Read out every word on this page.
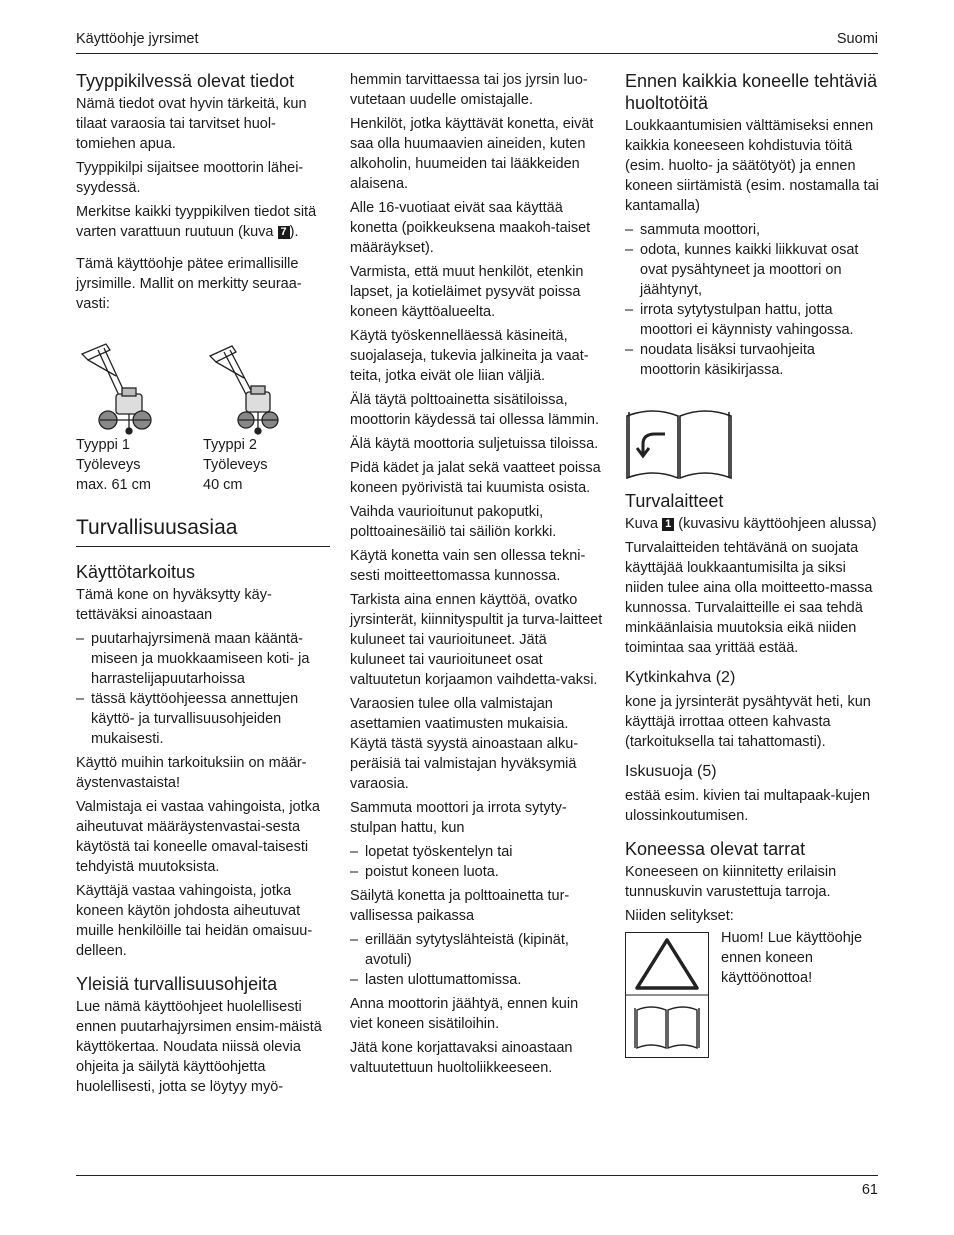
Käyttöohje jyrsimet	Suomi
Tyyppikilvessä olevat tiedot

Nämä tiedot ovat hyvin tärkeitä, kun tilaat varaosia tai tarvitset huol-tomiehen apua.

Tyyppikilpi sijaitsee moottorin lähei-syydessä.

Merkitse kaikki tyyppikilven tiedot sitä varten varattuun ruutuun (kuva 7 ).

Tämä käyttöohje pätee erimallisille jyrsimille. Mallit on merkitty seuraa-vasti:

Tyyppi 1
Työleveys
max. 61 cm
Tyyppi 2
Työleveys
40 cm
Turvallisuusasiaa
Käyttötarkoitus

Tämä kone on hyväksytty käy-tettäväksi ainoastaan

– puutarhajyrsimenä maan kääntä-miseen ja muokkaamiseen koti- ja harrastelijapuutarhoissa
– tässä käyttöohjeessa annettujen käyttö- ja turvallisuusohjeiden mukaisesti.

Käyttö muihin tarkoituksiin on määr-äystenvastaista!

Valmistaja ei vastaa vahingoista, jotka aiheutuvat määräystenvastai-sesta käytöstä tai koneelle omaval-taisesti tehdyistä muutoksista.

Käyttäjä vastaa vahingoista, jotka koneen käytön johdosta aiheutuvat muille henkilöille tai heidän omaisuu-delleen.

Yleisiä turvallisuusohjeita

Lue nämä käyttöohjeet huolellisesti ennen puutarhajyrsimen ensim-mäistä käyttökertaa. Noudata niissä olevia ohjeita ja säilytä käyttöohjetta huolellisesti, jotta se löytyy myö-

hemmin tarvittaessa tai jos jyrsin luo-vutetaan uudelle omistajalle.

Henkilöt, jotka käyttävät konetta, eivät saa olla huumaavien aineiden, kuten alkoholin, huumeiden tai lääkkeiden alaisena.

Alle 16-vuotiaat eivät saa käyttää konetta (poikkeuksena maakoh-taiset määräykset).

Varmista, että muut henkilöt, etenkin lapset, ja kotieläimet pysyvät poissa koneen käyttöalueelta.

Käytä työskennelläessä käsineitä, suojalaseja, tukevia jalkineita ja vaat-teita, jotka eivät ole liian väljiä.

Älä täytä polttoainetta sisätiloissa, moottorin käydessä tai ollessa lämmin.

Älä käytä moottoria suljetuissa tiloissa.

Pidä kädet ja jalat sekä vaatteet poissa koneen pyörivistä tai kuumista osista.

Vaihda vaurioitunut pakoputki, polttoainesäiliö tai säiliön korkki.

Käytä konetta vain sen ollessa tekni-sesti moitteettomassa kunnossa.

Tarkista aina ennen käyttöä, ovatko jyrsinterät, kiinnityspultit ja turva-laitteet kuluneet tai vaurioituneet. Jätä kuluneet tai vaurioituneet osat valtuutetun korjaamon vaihdetta-vaksi.

Varaosien tulee olla valmistajan asettamien vaatimusten mukaisia. Käytä tästä syystä ainoastaan alku-peräisiä tai valmistajan hyväksymiä varaosia.

Sammuta moottori ja irrota sytyty-stulpan hattu, kun

– lopetat työskentelyn tai
– poistut koneen luota.

Säilytä konetta ja polttoainetta tur-vallisessa paikassa

– erillään sytytyslähteistä (kipinät, avotuli)
– lasten ulottumattomissa.

Anna moottorin jäähtyä, ennen kuin viet koneen sisätiloihin.

Jätä kone korjattavaksi ainoastaan valtuutettuun huoltoliikkeeseen.

Ennen kaikkia koneelle tehtäviä huoltotöitä

Loukkaantumisien välttämiseksi ennen kaikkia koneeseen kohdistuvia töitä (esim. huolto- ja säätötyöt) ja ennen koneen siirtämistä (esim. nostamalla tai kantamalla)

– sammuta moottori,
– odota, kunnes kaikki liikkuvat osat ovat pysähtyneet ja moottori on jäähtynyt,
– irrota sytytystulpan hattu, jotta moottori ei käynnisty vahingossa.
– noudata lisäksi turvaohjeita moottorin käsikirjassa.
Turvalaitteet

Kuva 1 (kuvasivu käyttöohjeen alussa)

Turvalaitteiden tehtävänä on suojata käyttäjää loukkaantumisilta ja siksi niiden tulee aina olla moitteetto-massa kunnossa. Turvalaitteille ei saa tehdä minkäänlaisia muutoksia eikä niiden toimintaa saa yrittää estää.

Kytkinkahva (2)

kone ja jyrsinterät pysähtyvät heti, kun käyttäjä irrottaa otteen kahvasta (tarkoituksella tai tahattomasti).

Iskusuoja (5)

estää esim. kivien tai multapaak-kujen ulossinkoutumisen.

Koneessa olevat tarrat

Koneeseen on kiinnitetty erilaisin tunnuskuvin varustettuja tarroja.

Niiden selitykset:

Huom! Lue käyttöohje ennen koneen käyttöönottoa!
61
